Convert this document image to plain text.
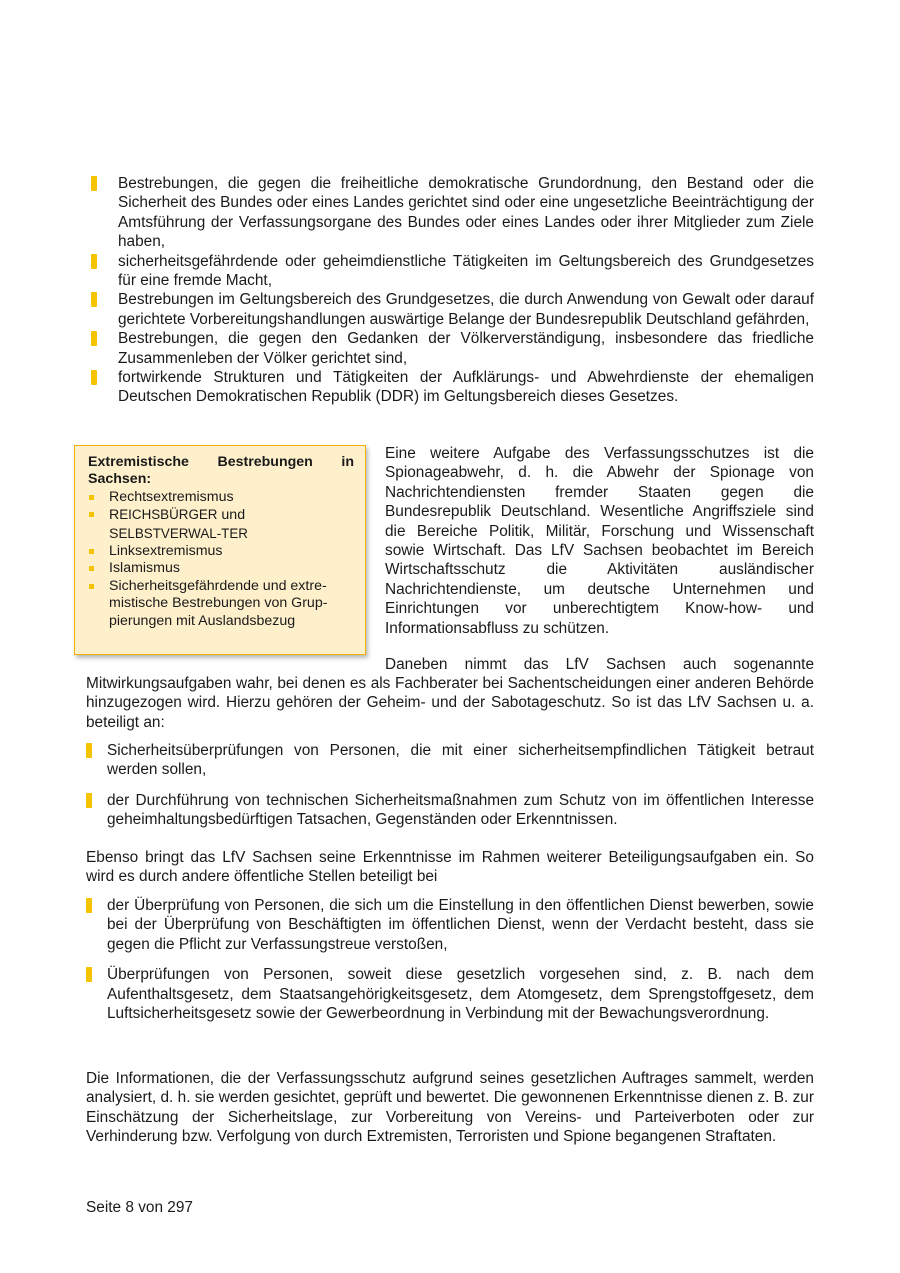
Bestrebungen, die gegen die freiheitliche demokratische Grundordnung, den Bestand oder die Sicherheit des Bundes oder eines Landes gerichtet sind oder eine ungesetzliche Beeinträchtigung der Amtsführung der Verfassungsorgane des Bundes oder eines Landes oder ihrer Mitglieder zum Ziele haben,
sicherheitsgefährdende oder geheimdienstliche Tätigkeiten im Geltungsbereich des Grundgesetzes für eine fremde Macht,
Bestrebungen im Geltungsbereich des Grundgesetzes, die durch Anwendung von Gewalt oder darauf gerichtete Vorbereitungshandlungen auswärtige Belange der Bundesrepublik Deutschland gefährden,
Bestrebungen, die gegen den Gedanken der Völkerverständigung, insbesondere das friedliche Zusammenleben der Völker gerichtet sind,
fortwirkende Strukturen und Tätigkeiten der Aufklärungs- und Abwehrdienste der ehemaligen Deutschen Demokratischen Republik (DDR) im Geltungsbereich dieses Gesetzes.

Extremistische Bestrebungen in Sachsen:

Rechtsextremismus
REICHSBÜRGER und SELBSTVERWAL-TER
Linksextremismus
Islamismus
Sicherheitsgefährdende und extre-mistische Bestrebungen von Grup-pierungen mit Auslandsbezug

Eine weitere Aufgabe des Verfassungsschutzes ist die Spionageabwehr, d. h. die Abwehr der Spionage von Nachrichtendiensten fremder Staaten gegen die Bundesrepublik Deutschland. Wesentliche Angriffsziele sind die Bereiche Politik, Militär, Forschung und Wissenschaft sowie Wirtschaft. Das LfV Sachsen beobachtet im Bereich Wirtschaftsschutz die Aktivitäten ausländischer Nachrichtendienste, um deutsche Unternehmen und Einrichtungen vor unberechtigtem Know-how- und Informationsabfluss zu schützen.

Daneben nimmt das LfV Sachsen auch sogenannte

Mitwirkungsaufgaben wahr, bei denen es als Fachberater bei Sachentscheidungen einer anderen Behörde hinzugezogen wird. Hierzu gehören der Geheim- und der Sabotageschutz. So ist das LfV Sachsen u. a. beteiligt an:

Sicherheitsüberprüfungen von Personen, die mit einer sicherheitsempfindlichen Tätigkeit betraut werden sollen,
der Durchführung von technischen Sicherheitsmaßnahmen zum Schutz von im öffentlichen Interesse geheimhaltungsbedürftigen Tatsachen, Gegenständen oder Erkenntnissen.

Ebenso bringt das LfV Sachsen seine Erkenntnisse im Rahmen weiterer Beteiligungsaufgaben ein. So wird es durch andere öffentliche Stellen beteiligt bei

der Überprüfung von Personen, die sich um die Einstellung in den öffentlichen Dienst bewerben, sowie bei der Überprüfung von Beschäftigten im öffentlichen Dienst, wenn der Verdacht besteht, dass sie gegen die Pflicht zur Verfassungstreue verstoßen,
Überprüfungen von Personen, soweit diese gesetzlich vorgesehen sind, z. B. nach dem Aufenthaltsgesetz, dem Staatsangehörigkeitsgesetz, dem Atomgesetz, dem Sprengstoffgesetz, dem Luftsicherheitsgesetz sowie der Gewerbeordnung in Verbindung mit der Bewachungsverordnung.

Die Informationen, die der Verfassungsschutz aufgrund seines gesetzlichen Auftrages sammelt, werden analysiert, d. h. sie werden gesichtet, geprüft und bewertet. Die gewonnenen Erkenntnisse dienen z. B. zur Einschätzung der Sicherheitslage, zur Vorbereitung von Vereins- und Parteiverboten oder zur Verhinderung bzw. Verfolgung von durch Extremisten, Terroristen und Spione begangenen Straftaten.

Seite 8 von 297
